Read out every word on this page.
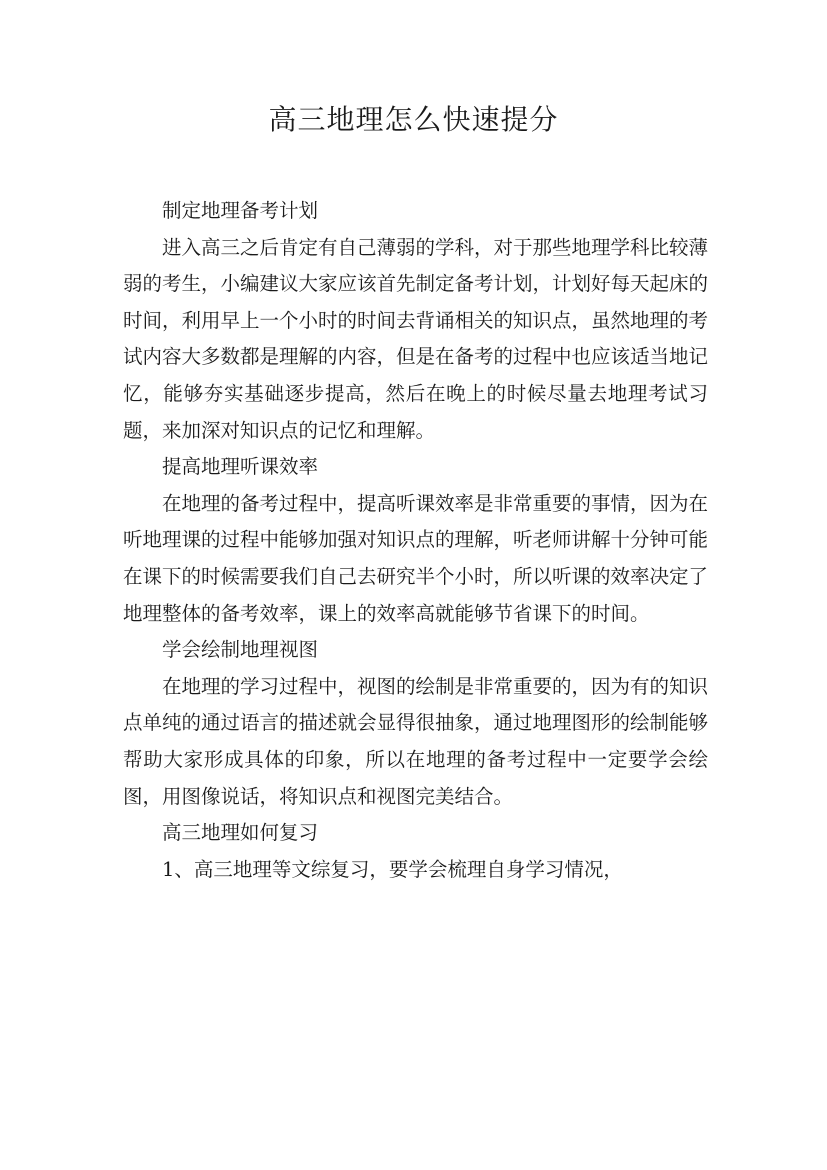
高三地理怎么快速提分

制定地理备考计划

进入高三之后肯定有自己薄弱的学科，对于那些地理学科比较薄弱的考生，小编建议大家应该首先制定备考计划，计划好每天起床的时间，利用早上一个小时的时间去背诵相关的知识点，虽然地理的考试内容大多数都是理解的内容，但是在备考的过程中也应该适当地记忆，能够夯实基础逐步提高，然后在晚上的时候尽量去地理考试习题，来加深对知识点的记忆和理解。

提高地理听课效率

在地理的备考过程中，提高听课效率是非常重要的事情，因为在听地理课的过程中能够加强对知识点的理解，听老师讲解十分钟可能在课下的时候需要我们自己去研究半个小时，所以听课的效率决定了地理整体的备考效率，课上的效率高就能够节省课下的时间。

学会绘制地理视图

在地理的学习过程中，视图的绘制是非常重要的，因为有的知识点单纯的通过语言的描述就会显得很抽象，通过地理图形的绘制能够帮助大家形成具体的印象，所以在地理的备考过程中一定要学会绘图，用图像说话，将知识点和视图完美结合。

高三地理如何复习

1、高三地理等文综复习，要学会梳理自身学习情况，
